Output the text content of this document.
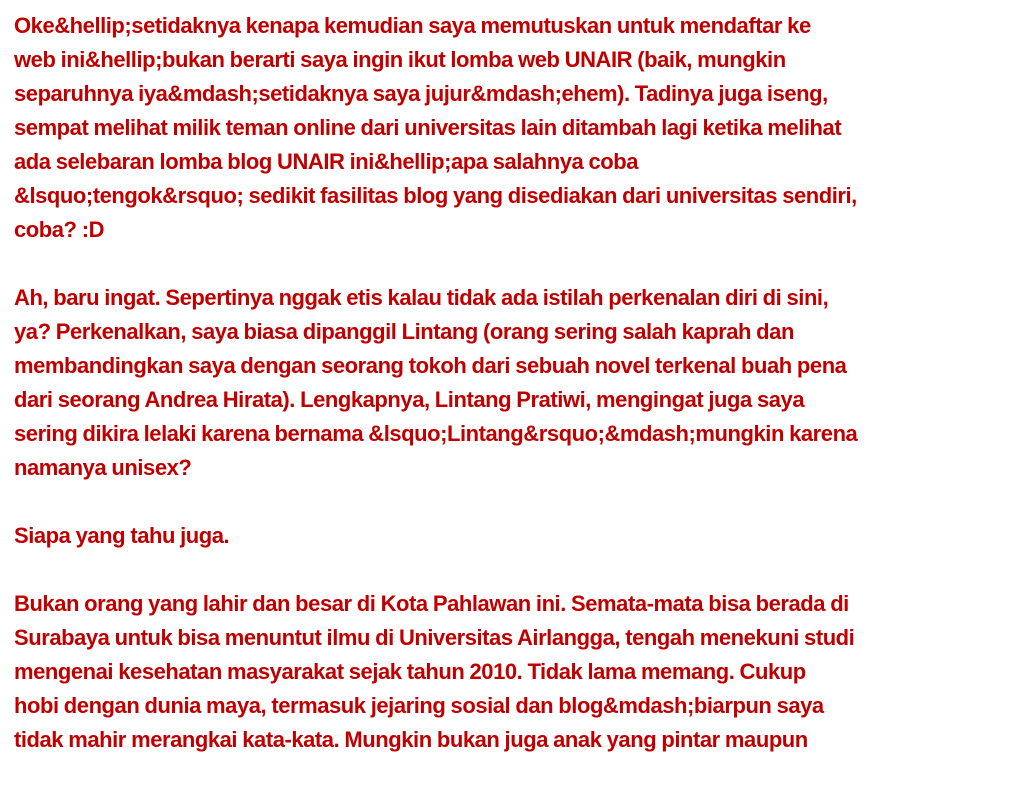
Oke&hellip;setidaknya kenapa kemudian saya memutuskan untuk mendaftar ke
web ini&hellip;bukan berarti saya ingin ikut lomba web UNAIR (baik, mungkin
separuhnya iya&mdash;setidaknya saya jujur&mdash;ehem). Tadinya juga iseng,
sempat melihat milik teman online dari universitas lain ditambah lagi ketika melihat
ada selebaran lomba blog UNAIR ini&hellip;apa salahnya coba
&lsquo;tengok&rsquo; sedikit fasilitas blog yang disediakan dari universitas sendiri,
coba? :D

Ah, baru ingat. Sepertinya nggak etis kalau tidak ada istilah perkenalan diri di sini,
ya? Perkenalkan, saya biasa dipanggil Lintang (orang sering salah kaprah dan
membandingkan saya dengan seorang tokoh dari sebuah novel terkenal buah pena
dari seorang Andrea Hirata). Lengkapnya, Lintang Pratiwi, mengingat juga saya
sering dikira lelaki karena bernama &lsquo;Lintang&rsquo;&mdash;mungkin karena
namanya unisex?

Siapa yang tahu juga.

Bukan orang yang lahir dan besar di Kota Pahlawan ini. Semata-mata bisa berada di
Surabaya untuk bisa menuntut ilmu di Universitas Airlangga, tengah menekuni studi
mengenai kesehatan masyarakat sejak tahun 2010. Tidak lama memang. Cukup
hobi dengan dunia maya, termasuk jejaring sosial dan blog&mdash;biarpun saya
tidak mahir merangkai kata-kata. Mungkin bukan juga anak yang pintar maupun
